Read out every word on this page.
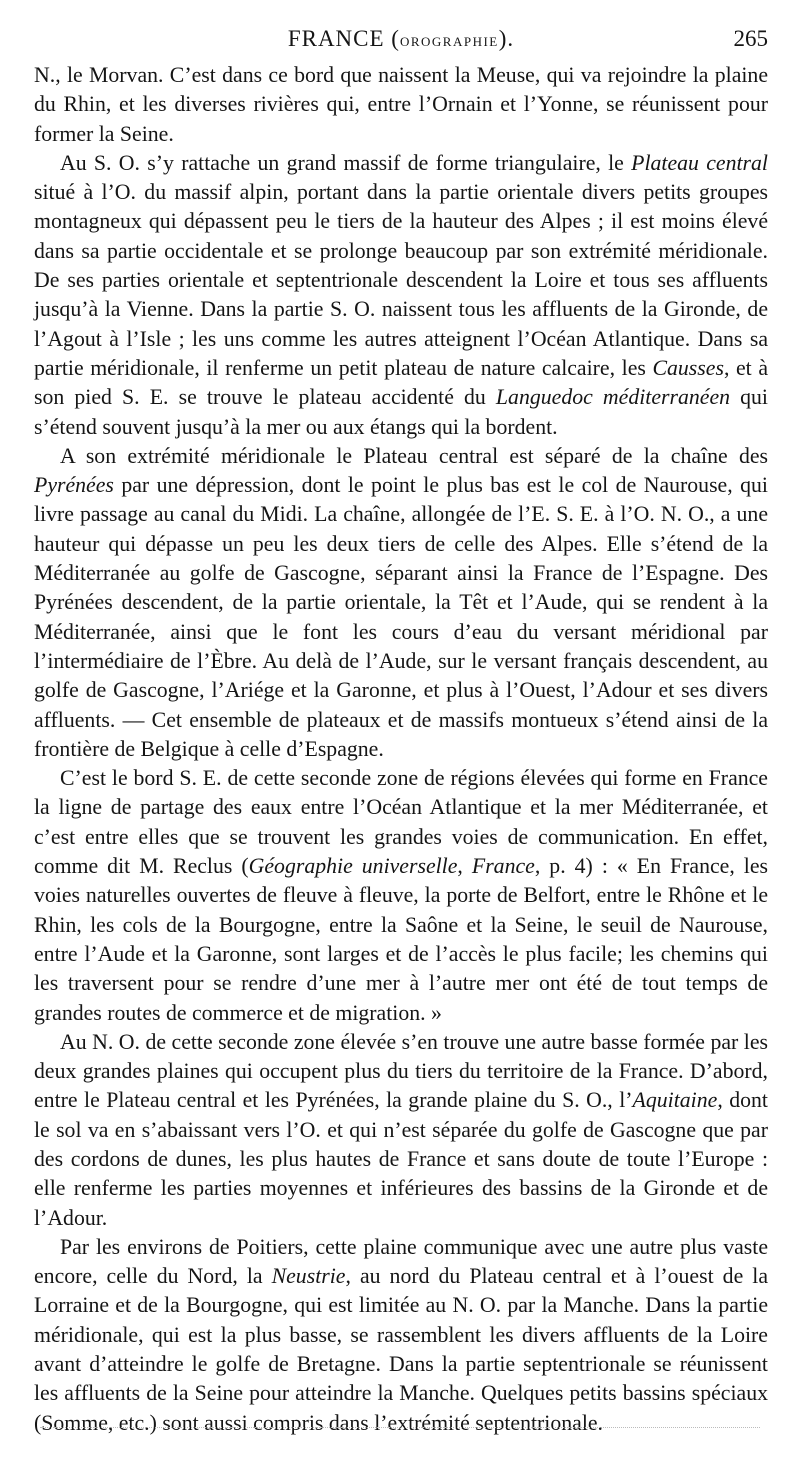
FRANCE (orographie).	265

N., le Morvan. C’est dans ce bord que naissent la Meuse, qui va rejoindre la plaine du Rhin, et les diverses rivières qui, entre l’Ornain et l’Yonne, se réunissent pour former la Seine.

Au S. O. s’y rattache un grand massif de forme triangulaire, le Plateau central situé à l’O. du massif alpin, portant dans la partie orientale divers petits groupes montagneux qui dépassent peu le tiers de la hauteur des Alpes ; il est moins élevé dans sa partie occidentale et se prolonge beaucoup par son extrémité méridionale. De ses parties orientale et septentrionale descendent la Loire et tous ses affluents jusqu’à la Vienne. Dans la partie S. O. naissent tous les affluents de la Gironde, de l’Agout à l’Isle ; les uns comme les autres atteignent l’Océan Atlantique. Dans sa partie méridionale, il renferme un petit plateau de nature calcaire, les Causses, et à son pied S. E. se trouve le plateau accidenté du Languedoc méditerranéen qui s’étend souvent jusqu’à la mer ou aux étangs qui la bordent.

A son extrémité méridionale le Plateau central est séparé de la chaîne des Pyrénées par une dépression, dont le point le plus bas est le col de Naurouse, qui livre passage au canal du Midi. La chaîne, allongée de l’E. S. E. à l’O. N. O., a une hauteur qui dépasse un peu les deux tiers de celle des Alpes. Elle s’étend de la Méditerranée au golfe de Gascogne, séparant ainsi la France de l’Espagne. Des Pyrénées descendent, de la partie orientale, la Têt et l’Aude, qui se rendent à la Méditerranée, ainsi que le font les cours d’eau du versant méridional par l’intermédiaire de l’Èbre. Au delà de l’Aude, sur le versant français descendent, au golfe de Gascogne, l’Ariége et la Garonne, et plus à l’Ouest, l’Adour et ses divers affluents. — Cet ensemble de plateaux et de massifs montueux s’étend ainsi de la frontière de Belgique à celle d’Espagne.

C’est le bord S. E. de cette seconde zone de régions élevées qui forme en France la ligne de partage des eaux entre l’Océan Atlantique et la mer Méditerranée, et c’est entre elles que se trouvent les grandes voies de communication. En effet, comme dit M. Reclus (Géographie universelle, France, p. 4) : « En France, les voies naturelles ouvertes de fleuve à fleuve, la porte de Belfort, entre le Rhône et le Rhin, les cols de la Bourgogne, entre la Saône et la Seine, le seuil de Naurouse, entre l’Aude et la Garonne, sont larges et de l’accès le plus facile; les chemins qui les traversent pour se rendre d’une mer à l’autre mer ont été de tout temps de grandes routes de commerce et de migration. »

Au N. O. de cette seconde zone élevée s’en trouve une autre basse formée par les deux grandes plaines qui occupent plus du tiers du territoire de la France. D’abord, entre le Plateau central et les Pyrénées, la grande plaine du S. O., l’Aquitaine, dont le sol va en s’abaissant vers l’O. et qui n’est séparée du golfe de Gascogne que par des cordons de dunes, les plus hautes de France et sans doute de toute l’Europe : elle renferme les parties moyennes et inférieures des bassins de la Gironde et de l’Adour.

Par les environs de Poitiers, cette plaine communique avec une autre plus vaste encore, celle du Nord, la Neustrie, au nord du Plateau central et à l’ouest de la Lorraine et de la Bourgogne, qui est limitée au N. O. par la Manche. Dans la partie méridionale, qui est la plus basse, se rassemblent les divers affluents de la Loire avant d’atteindre le golfe de Bretagne. Dans la partie septentrionale se réunissent les affluents de la Seine pour atteindre la Manche. Quelques petits bassins spéciaux (Somme, etc.) sont aussi compris dans l’extrémité septentrionale.
